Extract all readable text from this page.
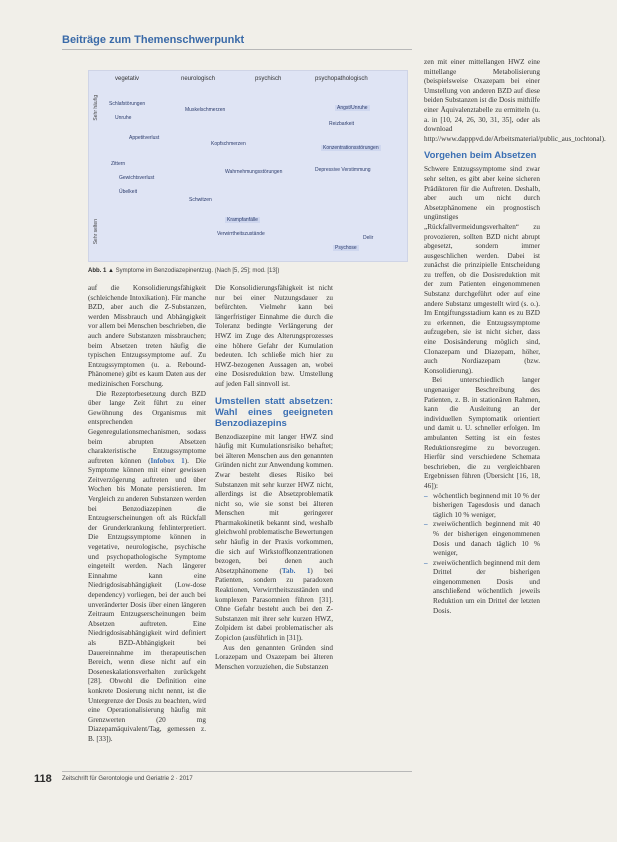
Beiträge zum Themenschwerpunkt
vegetativ	neurologisch	psychisch	psychopathologisch
Sehr häufig
Sehr selten
Schlafstörungen
Unruhe
Muskelschmerzen	Angst/Unruhe
Reizbarkeit
Appetitverlust
Kopfschmerzen
Konzentrationsstörungen
Zittern
Gewichtsverlust
Wahrnehmungsstörungen	Depressive Verstimmung
Übelkeit
Schwitzen
Krampfanfälle
Verwirrtheitszustände
Delir
Psychose
Abb. 1 ▲ Symptome im Benzodiazepinentzug. (Nach [5, 25]; mod. [13])

auf die Konsolidierungsfähigkeit (schleichende Intoxikation). Für manche BZD, aber auch die Z-Substanzen, werden Missbrauch und Abhängigkeit vor allem bei Menschen beschrieben, die auch andere Substanzen missbrauchen; beim Absetzen treten häufig die typischen Entzugssymptome auf. Zu Entzugssymptomen (u. a. Rebound-Phänomene) gibt es kaum Daten aus der medizinischen Forschung.

Die Rezeptorbesetzung durch BZD über lange Zeit führt zu einer Gewöhnung des Organismus mit entsprechenden Gegenregulationsmechanismen, sodass beim abrupten Absetzen charakteristische Entzugssymptome auftreten können (Infobox 1). Die Symptome können mit einer gewissen Zeitverzögerung auftreten und über Wochen bis Monate persistieren. Im Vergleich zu anderen Substanzen werden bei Benzodiazepinen die Entzugserscheinungen oft als Rückfall der Grunderkrankung fehlinterpretiert. Die Entzugssymptome können in vegetative, neurologische, psychische und psychopathologische Symptome eingeteilt werden. Nach längerer Einnahme kann eine Niedrigdosisabhängigkeit (Low-dose dependency) vorliegen, bei der auch bei unveränderter Dosis über einen längeren Zeitraum Entzugserscheinungen beim Absetzen auftreten. Eine Niedrigdosisabhängigkeit wird definiert als BZD-Abhängigkeit bei Dauereinnahme im therapeutischen Bereich, wenn diese nicht auf ein Doseneskalationsverhalten zurückgeht [28]. Obwohl die Definition eine konkrete Dosierung nicht nennt, ist die Untergrenze der Dosis zu beachten, wird eine Operationalisierung häufig mit Grenzwerten (20 mg Diazepamäquivalent/Tag, gemessen z. B. [33]).

Die Konsolidierungsfähigkeit ist nicht nur bei einer Nutzungsdauer zu befürchten. Vielmehr kann bei längerfristiger Einnahme die durch die Toleranz bedingte Verlängerung der HWZ im Zuge des Alterungsprozesses eine höhere Gefahr der Kumulation bedeuten. Ich schließe mich hier zu HWZ-bezogenen Aussagen an, wobei eine Dosisreduktion bzw. Umstellung auf jeden Fall sinnvoll ist.

Umstellen statt absetzen: Wahl eines geeigneten Benzodiazepins

Benzodiazepine mit langer HWZ sind häufig mit Kumulationsrisiko behaftet; bei älteren Menschen aus den genannten Gründen nicht zur Anwendung kommen. Zwar besteht dieses Risiko bei Substanzen mit sehr kurzer HWZ nicht, allerdings ist die Absetzproblematik nicht so, wie sie sonst bei älteren Menschen mit geringerer Pharmakokinetik bekannt sind, weshalb gleichwohl problematische Bewertungen sehr häufig in der Praxis vorkommen, die sich auf Wirkstoffkonzentrationen bezogen, bei denen auch Absetzphänomene (Tab. 1) bei Patienten, sondern zu paradoxen Reaktionen, Verwirrtheitszuständen und komplexen Parasomnien führen [31]. Ohne Gefahr besteht auch bei den Z-Substanzen mit ihrer sehr kurzen HWZ, Zolpidem ist dabei problematischer als Zopiclon (ausführlich in [31]).

Aus den genannten Gründen sind Lorazepam und Oxazepam bei älteren Menschen vorzuziehen, die Substanzen

zen mit einer mittellangen HWZ eine mittellange Metabolisierung (beispielsweise Oxazepam bei einer Umstellung von anderen BZD auf diese beiden Substanzen ist die Dosis mithilfe einer Äquivalenztabelle zu ermitteln (u. a. in [10, 24, 26, 30, 31, 35], oder als download http://www.dapppvd.de/Arbeitsmaterial/public_aus_tochtonal).

Vorgehen beim Absetzen

Schwere Entzugssymptome sind zwar sehr selten, es gibt aber keine sicheren Prädiktoren für die Auftreten. Deshalb, aber auch um nicht durch Absetzphänomene ein prognostisch ungünstiges „Rückfallvermeidungsverhalten“ zu provozieren, sollten BZD nicht abrupt abgesetzt, sondern immer ausgeschlichen werden. Dabei ist zunächst die prinzipielle Entscheidung zu treffen, ob die Dosisreduktion mit der zum Patienten eingenommenen Substanz durchgeführt oder auf eine andere Substanz umgestellt wird (s. o.). Im Entgiftungsstadium kann es zu BZD zu erkennen, die Entzugssymptome aufzugeben, sie ist nicht sicher, dass eine Dosisänderung möglich sind, Clonazepam und Diazepam, höher, auch Nordiazepam (bzw. Konsolidierung).

Bei unterschiedlich langer ungenauiger Beschreibung des Patienten, z. B. in stationären Rahmen, kann die Ausleitung an der individuellen Symptomatik orientiert und damit u. U. schneller erfolgen. Im ambulanten Setting ist ein festes Reduktionsregime zu bevorzugen. Hierfür sind verschiedene Schemata beschrieben, die zu vergleichbaren Ergebnissen führen (Übersicht [16, 18, 46]):

– wöchentlich beginnend mit 10 % der bisherigen Tagesdosis und danach täglich 10 % weniger,
– zweiwöchentlich beginnend mit 40 % der bisherigen eingenommenen Dosis und danach täglich 10 % weniger,
– zweiwöchentlich beginnend mit dem Drittel der bisherigen eingenommenen Dosis und anschließend wöchentlich jeweils Reduktion um ein Drittel der letzten Dosis.
118 Zeitschrift für Gerontologie und Geriatrie 2 · 2017
